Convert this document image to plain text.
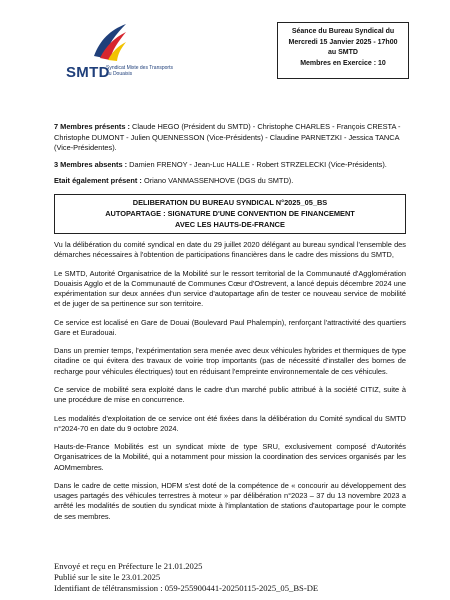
SMTD
Syndicat Mixte des Transports du Douaisis
Séance du Bureau Syndical du
Mercredi 15 Janvier 2025 - 17h00
au SMTD
Membres en Exercice : 10

7 Membres présents : Claude HEGO (Président du SMTD) - Christophe CHARLES - François CRESTA - Christophe DUMONT - Julien QUENNESSON (Vice-Présidents) - Claudine PARNETZKI - Jessica TANCA (Vice-Présidentes).

3 Membres absents : Damien FRENOY - Jean-Luc HALLE - Robert STRZELECKI (Vice-Présidents).

Etait également présent : Oriano VANMASSENHOVE (DGS du SMTD).

DELIBERATION DU BUREAU SYNDICAL N°2025_05_BS
AUTOPARTAGE : SIGNATURE D'UNE CONVENTION DE FINANCEMENT
AVEC LES HAUTS-DE-FRANCE

Vu la délibération du comité syndical en date du 29 juillet 2020 délégant au bureau syndical l'ensemble des démarches nécessaires à l'obtention de participations financières dans le cadre des missions du SMTD,

Le SMTD, Autorité Organisatrice de la Mobilité sur le ressort territorial de la Communauté d'Agglomération Douaisis Agglo et de la Communauté de Communes Cœur d'Ostrevent, a lancé depuis décembre 2024 une expérimentation sur deux années d'un service d'autopartage afin de tester ce nouveau service de mobilité et de juger de sa pertinence sur son territoire.

Ce service est localisé en Gare de Douai (Boulevard Paul Phalempin), renforçant l'attractivité des quartiers Gare et Euradouai.

Dans un premier temps, l'expérimentation sera menée avec deux véhicules hybrides et thermiques de type citadine ce qui évitera des travaux de voirie trop importants (pas de nécessité d'installer des bornes de recharge pour véhicules électriques) tout en réduisant l'empreinte environnementale de ces véhicules.

Ce service de mobilité sera exploité dans le cadre d'un marché public attribué à la société CITIZ, suite à une procédure de mise en concurrence.

Les modalités d'exploitation de ce service ont été fixées dans la délibération du Comité syndical du SMTD n°2024-70 en date du 9 octobre 2024.

Hauts-de-France Mobilités est un syndicat mixte de type SRU, exclusivement composé d'Autorités Organisatrices de la Mobilité, qui a notamment pour mission la coordination des services organisés par les AOMmembres.

Dans le cadre de cette mission, HDFM s'est doté de la compétence de « concourir au développement des usages partagés des véhicules terrestres à moteur » par délibération n°2023 – 37 du 13 novembre 2023 a arrêté les modalités de soutien du syndicat mixte à l'implantation de stations d'autopartage pour le compte de ses membres.

Envoyé et reçu en Préfecture le 21.01.2025
Publié sur le site le 23.01.2025
Identifiant de télétransmission : 059-255900441-20250115-2025_05_BS-DE
